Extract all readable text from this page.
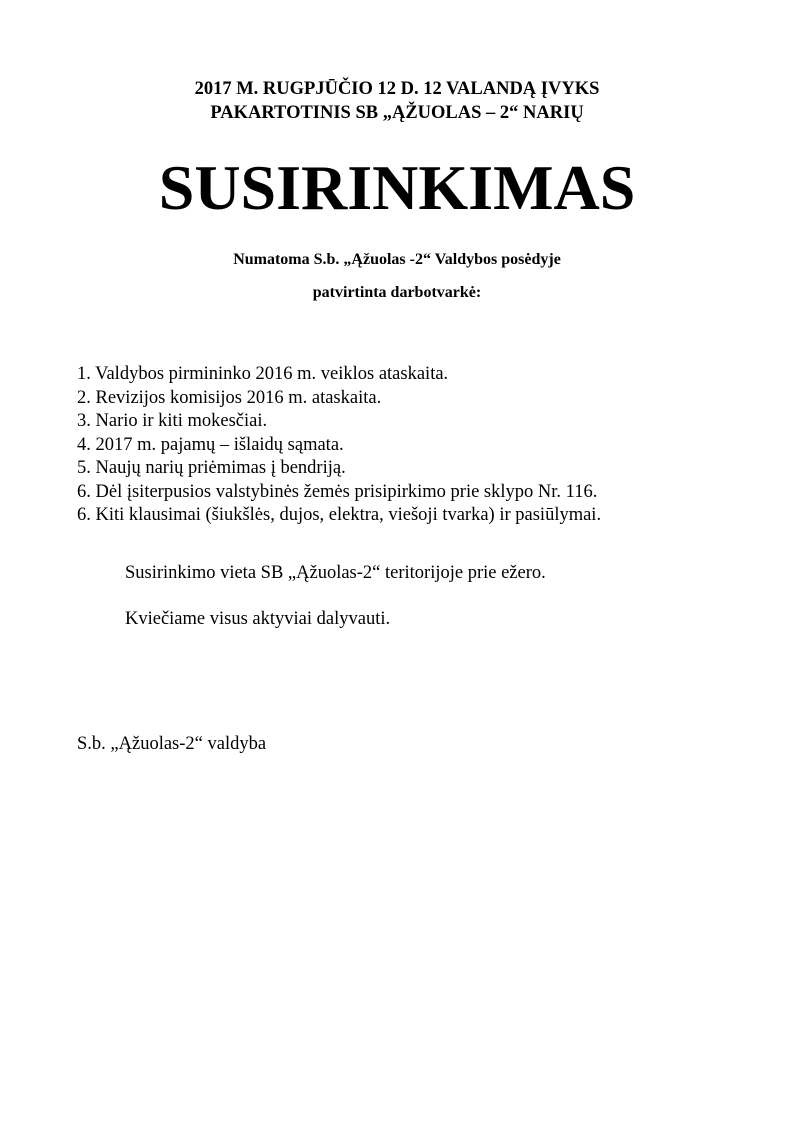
2017 M. RUGPJŪČIO 12 D. 12 VALANDĄ ĮVYKS
PAKARTOTINIS SB „ĄŽUOLAS – 2“ NARIŲ
SUSIRINKIMAS
Numatoma S.b. „Ąžuolas -2“ Valdybos posėdyje
patvirtinta darbotvarkė:
1. Valdybos pirmininko 2016 m. veiklos ataskaita.
2. Revizijos komisijos 2016 m. ataskaita.
3. Nario ir kiti mokesčiai.
4. 2017 m. pajamų – išlaidų sąmata.
5. Naujų narių priėmimas į bendriją.
6. Dėl įsiterpusios valstybinės žemės prisipirkimo prie sklypo Nr. 116.
6. Kiti klausimai (šiukšlės, dujos, elektra, viešoji tvarka) ir pasiūlymai.
Susirinkimo vieta SB „Ąžuolas-2“ teritorijoje prie ežero.
Kviečiame visus aktyviai dalyvauti.
S.b. „Ąžuolas-2“ valdyba
